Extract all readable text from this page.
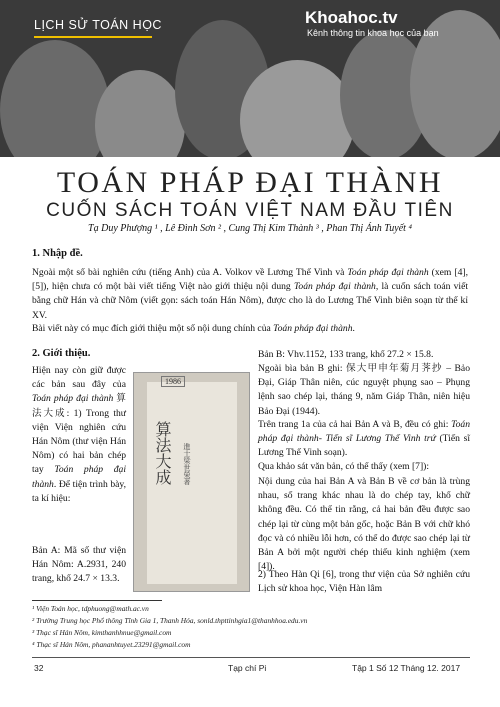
LỊCH SỬ TOÁN HỌC	Khoahoc.tv
Kênh thông tin khoa học của bạn
TOÁN PHÁP ĐẠI THÀNH
CUỐN SÁCH TOÁN VIỆT NAM ĐẦU TIÊN
Tạ Duy Phượng ¹ , Lê Đình Sơn ² , Cung Thị Kim Thành ³ , Phan Thị Ánh Tuyết ⁴
1. Nhập đề.

Ngoài một số bài nghiên cứu (tiếng Anh) của A. Volkov về Lương Thế Vinh và Toán pháp đại thành (xem [4], [5]), hiện chưa có một bài viết tiếng Việt nào giới thiệu nội dung Toán pháp đại thành, là cuốn sách toán viết bằng chữ Hán và chữ Nôm (viết gọn: sách toán Hán Nôm), được cho là do Lương Thế Vinh biên soạn từ thế kỉ XV.

Bài viết này có mục đích giới thiệu một số nội dung chính của Toán pháp đại thành.

2. Giới thiệu.

Hiện nay còn giữ được các bản sau đây của Toán pháp đại thành 算法大成: 1) Trong thư viện Viện nghiên cứu Hán Nôm (thư viện Hán Nôm) có hai bản chép tay Toán pháp đại thành. Để tiện trình bày, ta kí hiệu:

Bản A: Mã số thư viện Hán Nôm: A.2931, 240 trang, khổ 24.7 × 13.3.

1986
算法大成 進士梁世榮著

Bản B: Vhv.1152, 133 trang, khổ 27.2 × 15.8.

Ngoài bìa bản B ghi: 保大甲申年菊月荠抄 – Bảo Đại, Giáp Thân niên, cúc nguyệt phụng sao – Phụng lệnh sao chép lại, tháng 9, năm Giáp Thân, niên hiệu Bảo Đại (1944).

Trên trang 1a của cả hai Bản A và B, đều có ghi: Toán pháp đại thành- Tiến sĩ Lương Thế Vinh trứ (Tiến sĩ Lương Thế Vinh soạn).

Qua khảo sát văn bản, có thể thấy (xem [7]):

Nội dung của hai Bản A và Bản B về cơ bản là trùng nhau, số trang khác nhau là do chép tay, khổ chữ không đều. Có thể tin rằng, cả hai bản đều được sao chép lại từ cùng một bản gốc, hoặc Bản B với chữ khó đọc và có nhiều lỗi hơn, có thể do được sao chép lại từ Bản A bởi một người chép thiếu kinh nghiệm (xem [4]).

2) Theo Hàn Qi [6], trong thư viện của Sở nghiên cứu Lịch sử khoa học, Viện Hàn lâm

¹ Viện Toán học, tdphuong@math.ac.vn
² Trường Trung học Phổ thông Tĩnh Gia 1, Thanh Hóa, sonld.thpttinhgia1@thanhhoa.edu.vn
³ Thạc sĩ Hán Nôm, kimthanhhnue@gmail.com
⁴ Thạc sĩ Hán Nôm, phananhtuyet.23291@gmail.com
32	Tạp chí Pi	Tập 1 Số 12 Tháng 12. 2017
